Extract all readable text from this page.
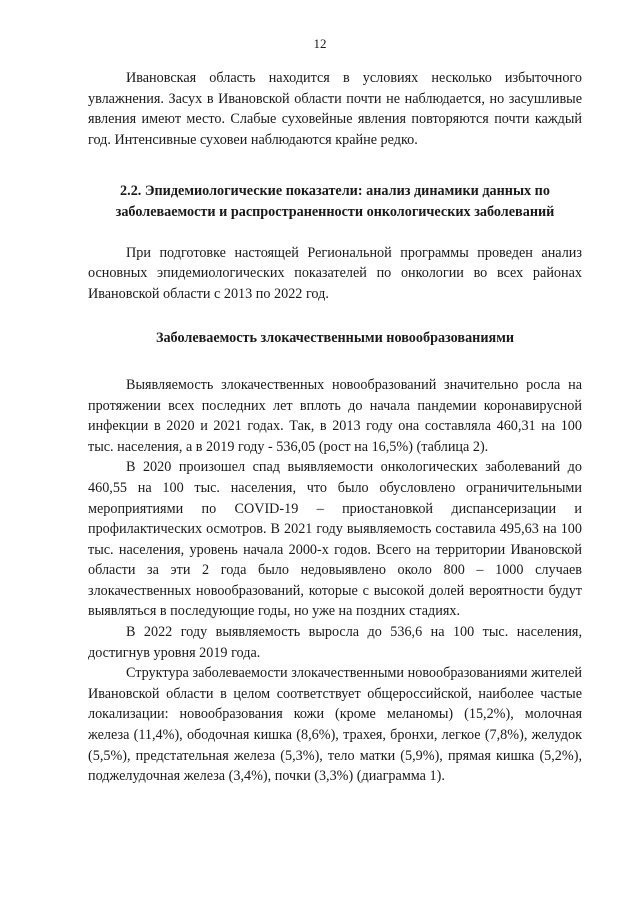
12

Ивановская область находится в условиях несколько избыточного увлажнения. Засух в Ивановской области почти не наблюдается, но засушливые явления имеют место. Слабые суховейные явления повторяются почти каждый год. Интенсивные суховеи наблюдаются крайне редко.

2.2. Эпидемиологические показатели: анализ динамики данных по заболеваемости и распространенности онкологических заболеваний

При подготовке настоящей Региональной программы проведен анализ основных эпидемиологических показателей по онкологии во всех районах Ивановской области с 2013 по 2022 год.

Заболеваемость злокачественными новообразованиями

Выявляемость злокачественных новообразований значительно росла на протяжении всех последних лет вплоть до начала пандемии коронавирусной инфекции в 2020 и 2021 годах. Так, в 2013 году она составляла 460,31 на 100 тыс. населения, а в 2019 году - 536,05 (рост на 16,5%) (таблица 2).

В 2020 произошел спад выявляемости онкологических заболеваний до 460,55 на 100 тыс. населения, что было обусловлено ограничительными мероприятиями по COVID-19 – приостановкой диспансеризации и профилактических осмотров. В 2021 году выявляемость составила 495,63 на 100 тыс. населения, уровень начала 2000-х годов. Всего на территории Ивановской области за эти 2 года было недовыявлено около 800 – 1000 случаев злокачественных новообразований, которые с высокой долей вероятности будут выявляться в последующие годы, но уже на поздних стадиях.

В 2022 году выявляемость выросла до 536,6 на 100 тыс. населения, достигнув уровня 2019 года.

Структура заболеваемости злокачественными новообразованиями жителей Ивановской области в целом соответствует общероссийской, наиболее частые локализации: новообразования кожи (кроме меланомы) (15,2%), молочная железа (11,4%), ободочная кишка (8,6%), трахея, бронхи, легкое (7,8%), желудок (5,5%), предстательная железа (5,3%), тело матки (5,9%), прямая кишка (5,2%), поджелудочная железа (3,4%), почки (3,3%) (диаграмма 1).
